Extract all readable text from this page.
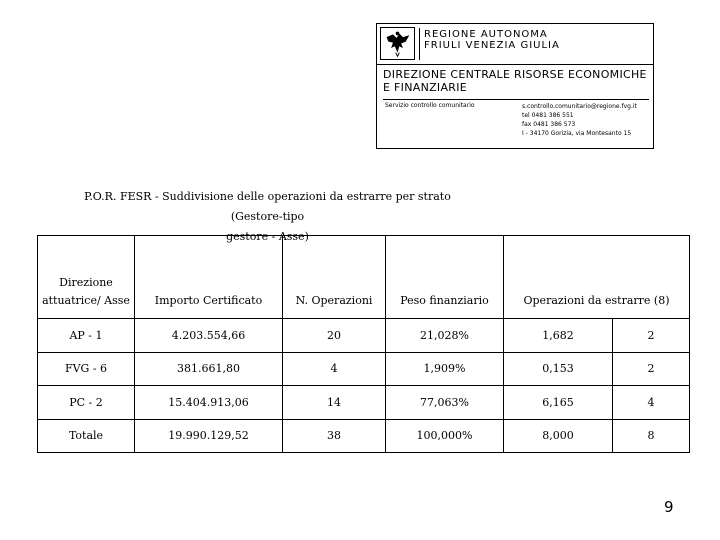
REGIONE AUTONOMA
FRIULI VENEZIA GIULIA
DIREZIONE CENTRALE RISORSE ECONOMICHE
E FINANZIARIE
Servizio controllo comunitario	s.controllo.comunitario@regione.fvg.it
tel 0481 386 551
fax 0481 386 573
I - 34170 Gorizia, via Montesanto 15
P.O.R. FESR - Suddivisione delle operazioni da estrarre per strato (Gestore-tipo
gestore - Asse)
Direzione
attuatrice/ Asse	Importo Certificato	N. Operazioni	Peso finanziario	Operazioni da estrarre (8)	
AP - 1	4.203.554,66	20	21,028%	1,682	2
FVG - 6	381.661,80	4	1,909%	0,153	2
PC - 2	15.404.913,06	14	77,063%	6,165	4
Totale	19.990.129,52	38	100,000%	8,000	8
9
